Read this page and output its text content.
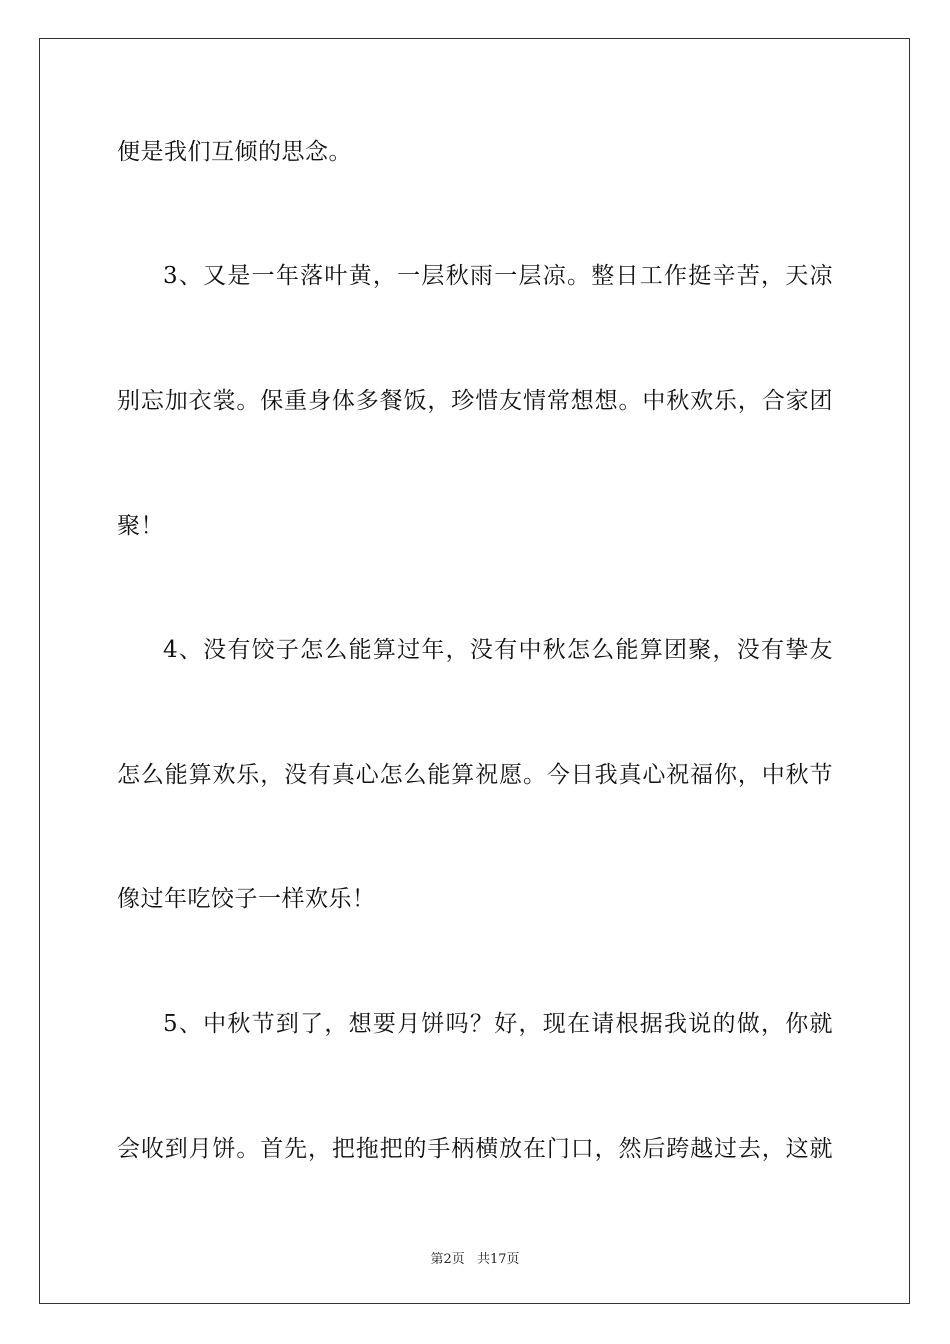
便是我们互倾的思念。
3、又是一年落叶黄，一层秋雨一层凉。整日工作挺辛苦，天凉
别忘加衣裳。保重身体多餐饭，珍惜友情常想想。中秋欢乐，合家团
聚！
4、没有饺子怎么能算过年，没有中秋怎么能算团聚，没有挚友
怎么能算欢乐，没有真心怎么能算祝愿。今日我真心祝福你，中秋节
像过年吃饺子一样欢乐！
5、中秋节到了，想要月饼吗？好，现在请根据我说的做，你就
会收到月饼。首先，把拖把的手柄横放在门口，然后跨越过去，这就
第2页 共17页
